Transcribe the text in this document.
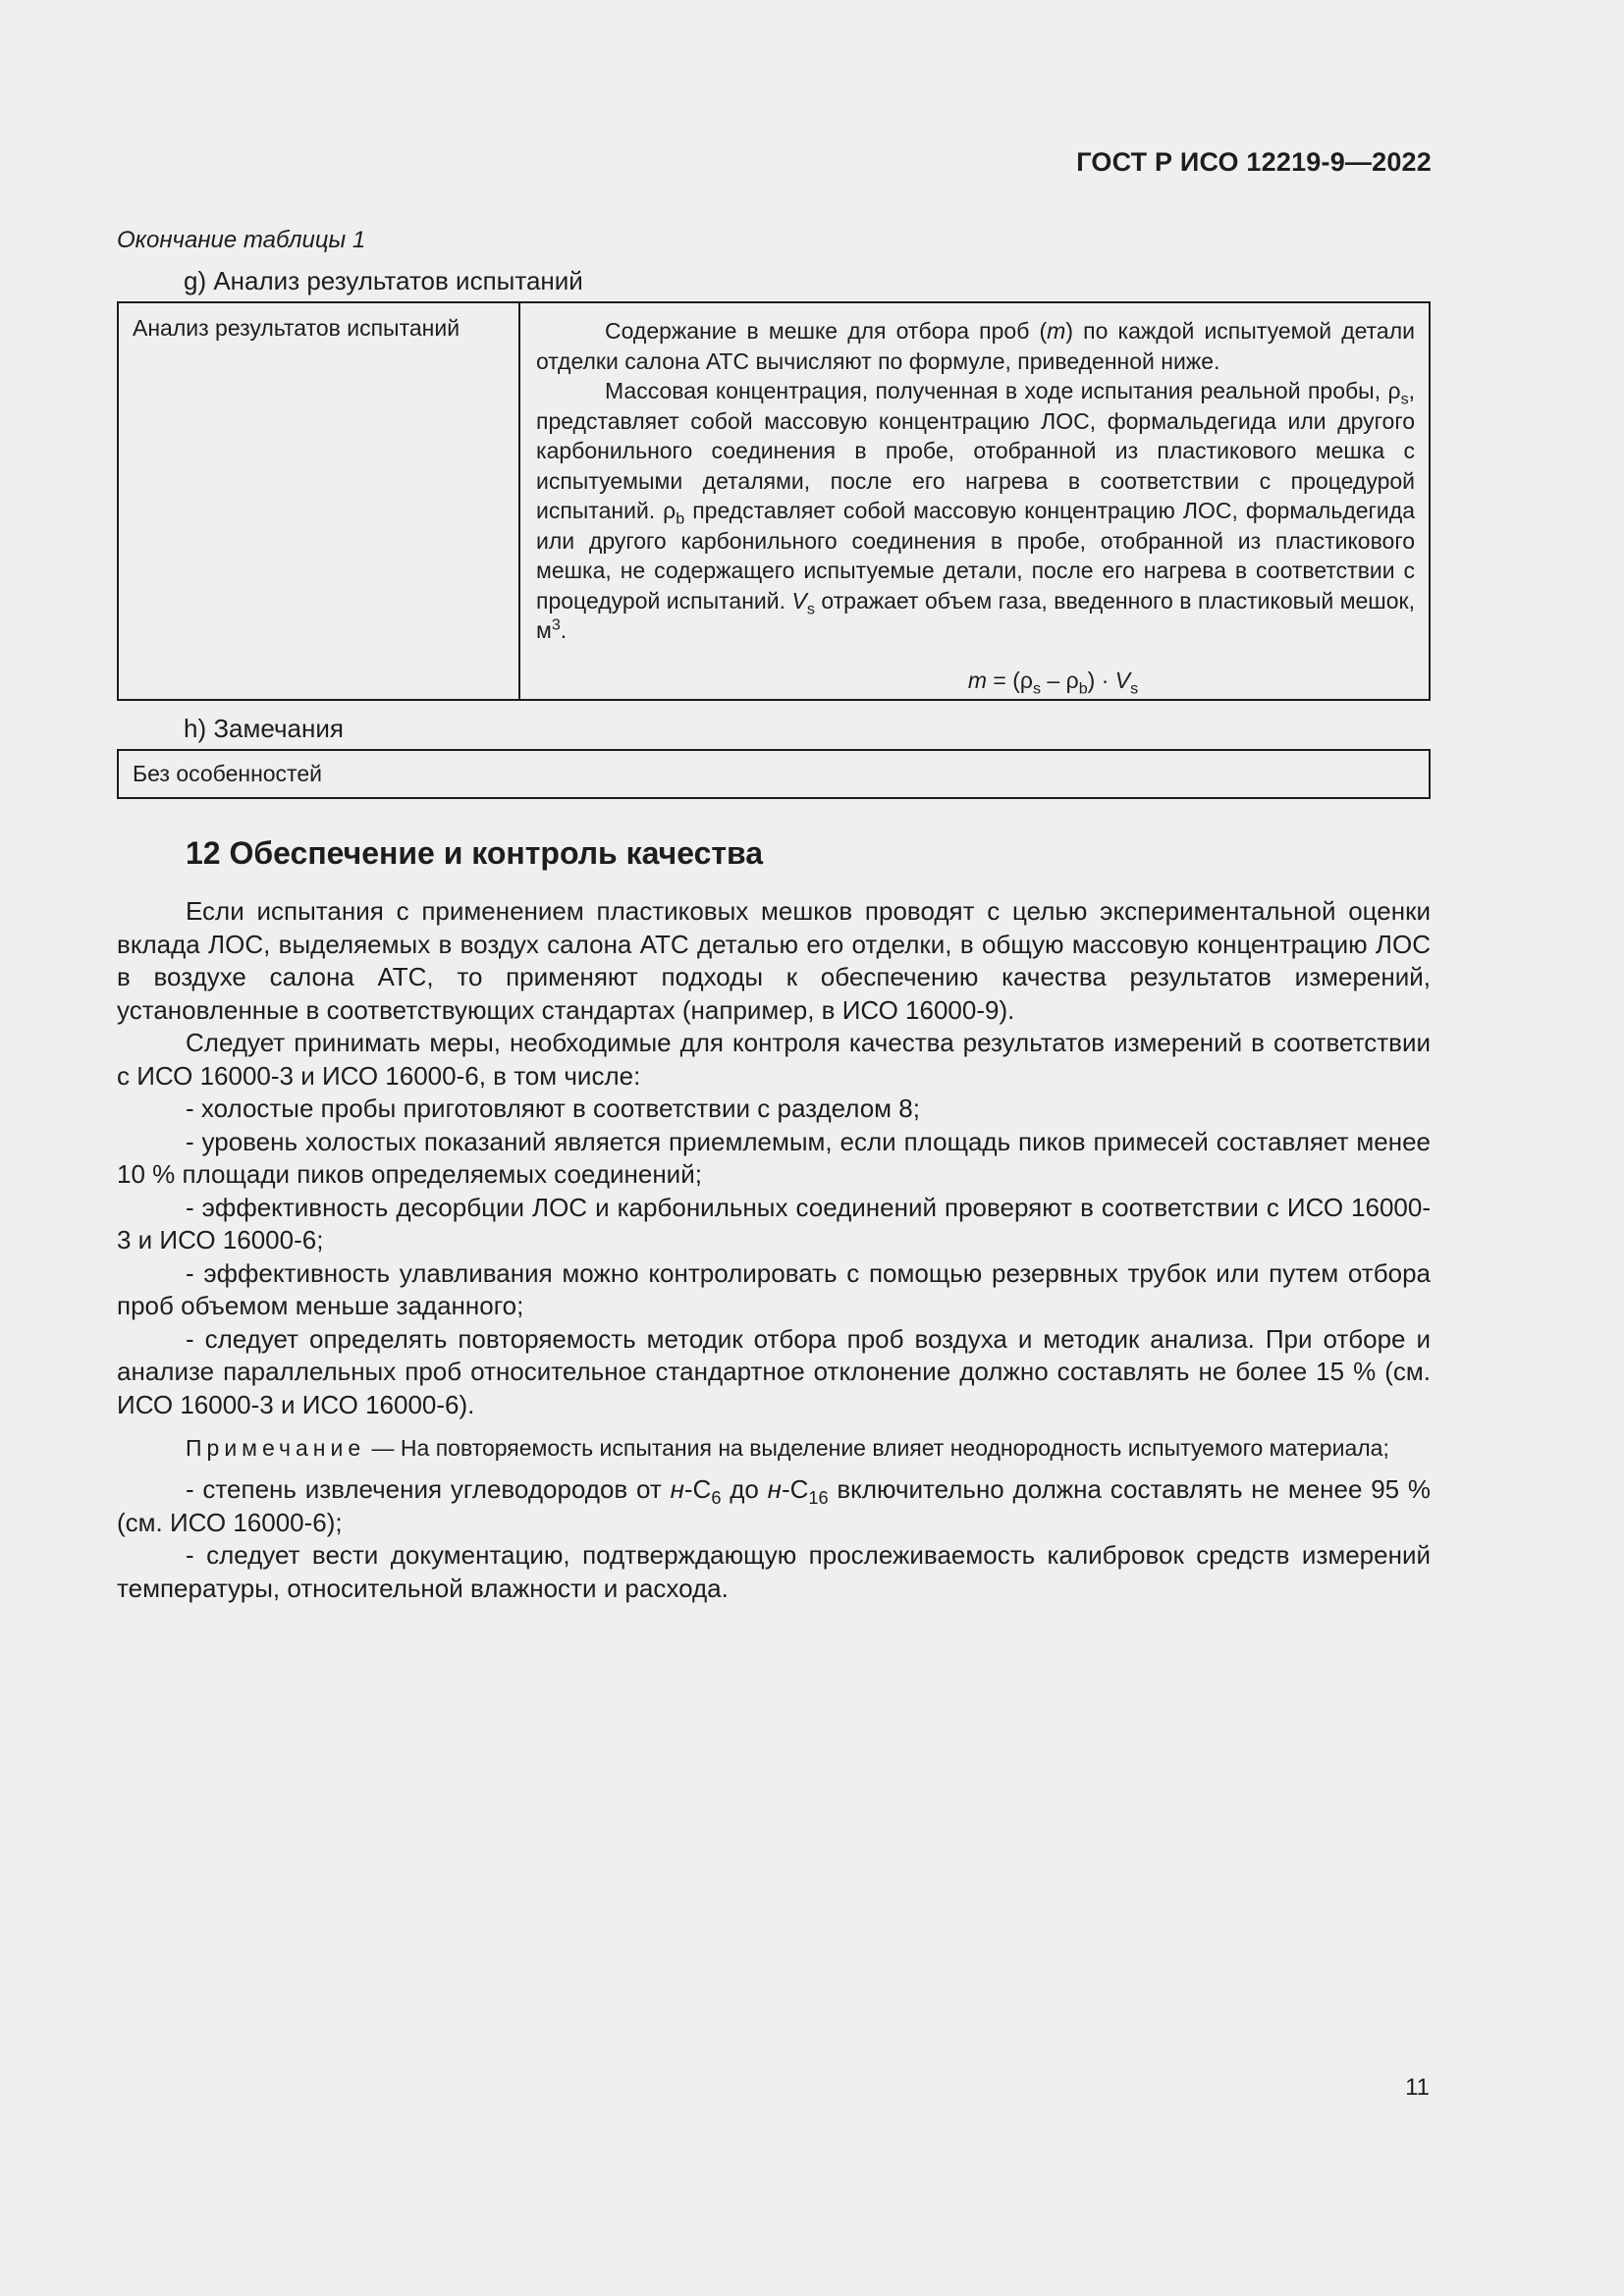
ГОСТ Р ИСО 12219-9—2022
Окончание таблицы 1
g) Анализ результатов испытаний
Анализ результатов испытаний	Содержание в мешке для отбора проб (m) по каждой испытуемой детали отделки салона АТС вычисляют по формуле, приведенной ниже.

Массовая концентрация, полученная в ходе испытания реальной пробы, $\rho_s$, представляет собой массовую концентрацию ЛОС, формальдегида или другого карбонильного соединения в пробе, отобранной из пластикового мешка с испытуемыми деталями, после его нагрева в соответствии с процедурой испытаний. $\rho_b$ представляет собой массовую концентрацию ЛОС, формальдегида или другого карбонильного соединения в пробе, отобранной из пластикового мешка, не содержащего испытуемые детали, после его нагрева в соответствии с процедурой испытаний. $V_s$ отражает объем газа, введенного в пластиковый мешок, $м^3$.

$m = (\rho_s - \rho_b) \cdot V_s$
h) Замечания
Без особенностей
12 Обеспечение и контроль качества

Если испытания с применением пластиковых мешков проводят с целью экспериментальной оценки вклада ЛОС, выделяемых в воздух салона АТС деталью его отделки, в общую массовую концентрацию ЛОС в воздухе салона АТС, то применяют подходы к обеспечению качества результатов измерений, установленные в соответствующих стандартах (например, в ИСО 16000-9).

Следует принимать меры, необходимые для контроля качества результатов измерений в соответствии с ИСО 16000-3 и ИСО 16000-6, в том числе:

- холостые пробы приготовляют в соответствии с разделом 8;

- уровень холостых показаний является приемлемым, если площадь пиков примесей составляет менее 10 % площади пиков определяемых соединений;

- эффективность десорбции ЛОС и карбонильных соединений проверяют в соответствии с ИСО 16000-3 и ИСО 16000-6;

- эффективность улавливания можно контролировать с помощью резервных трубок или путем отбора проб объемом меньше заданного;

- следует определять повторяемость методик отбора проб воздуха и методик анализа. При отборе и анализе параллельных проб относительное стандартное отклонение должно составлять не более 15 % (см. ИСО 16000-3 и ИСО 16000-6).

Примечание — На повторяемость испытания на выделение влияет неоднородность испытуемого материала;

- степень извлечения углеводородов от $н-С_6$ до $н-С_{16}$ включительно должна составлять не менее 95 % (см. ИСО 16000-6);

- следует вести документацию, подтверждающую прослеживаемость калибровок средств измерений температуры, относительной влажности и расхода.

11
